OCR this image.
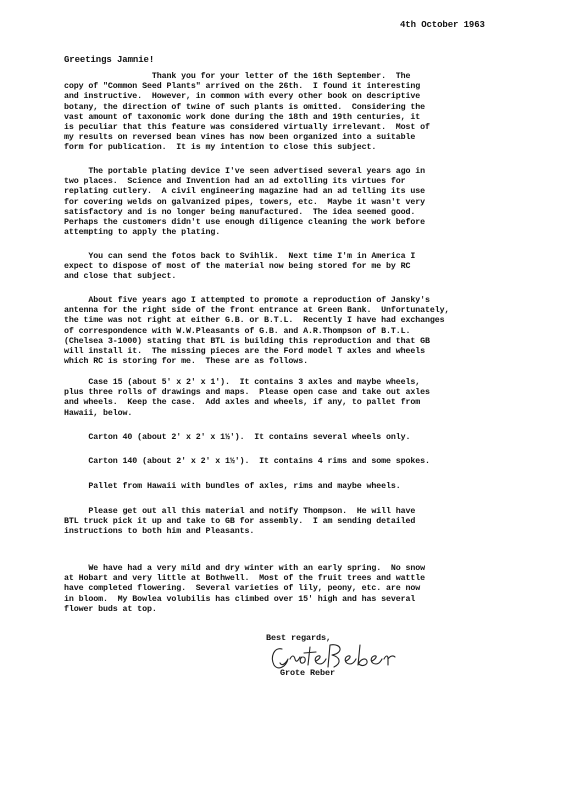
4th October 1963
Greetings Jamnie!
Thank you for your letter of the 16th September.  The
copy of "Common Seed Plants" arrived on the 26th.  I found it interesting
and instructive.  However, in common with every other book on descriptive
botany, the direction of twine of such plants is omitted.  Considering the
vast amount of taxonomic work done during the 18th and 19th centuries, it
is peculiar that this feature was considered virtually irrelevant.  Most of
my results on reversed bean vines has now been organized into a suitable
form for publication.  It is my intention to close this subject.
The portable plating device I've seen advertised several years ago in
two places.  Science and Invention had an ad extolling its virtues for
replating cutlery.  A civil engineering magazine had an ad telling its use
for covering welds on galvanized pipes, towers, etc.  Maybe it wasn't very
satisfactory and is no longer being manufactured.  The idea seemed good.
Perhaps the customers didn't use enough diligence cleaning the work before
attempting to apply the plating.
You can send the fotos back to Svihlik.  Next time I'm in America I
expect to dispose of most of the material now being stored for me by RC
and close that subject.
About five years ago I attempted to promote a reproduction of Jansky's
antenna for the right side of the front entrance at Green Bank.  Unfortunately,
the time was not right at either G.B. or B.T.L.  Recently I have had exchanges
of correspondence with W.W.Pleasants of G.B. and A.R.Thompson of B.T.L.
(Chelsea 3-1000) stating that BTL is building this reproduction and that GB
will install it.  The missing pieces are the Ford model T axles and wheels
which RC is storing for me.  These are as follows.
Case 15 (about 5' x 2' x 1').  It contains 3 axles and maybe wheels,
plus three rolls of drawings and maps.  Please open case and take out axles
and wheels.  Keep the case.  Add axles and wheels, if any, to pallet from
Hawaii, below.
Carton 40 (about 2' x 2' x 1½').  It contains several wheels only.
Carton 140 (about 2' x 2' x 1½').  It contains 4 rims and some spokes.
Pallet from Hawaii with bundles of axles, rims and maybe wheels.
Please get out all this material and notify Thompson.  He will have
BTL truck pick it up and take to GB for assembly.  I am sending detailed
instructions to both him and Pleasants.
We have had a very mild and dry winter with an early spring.  No snow
at Hobart and very little at Bothwell.  Most of the fruit trees and wattle
have completed flowering.  Several varieties of lily, peony, etc. are now
in bloom.  My Bowlea volubilis has climbed over 15' high and has several
flower buds at top.
Best regards,
Grote Reber
